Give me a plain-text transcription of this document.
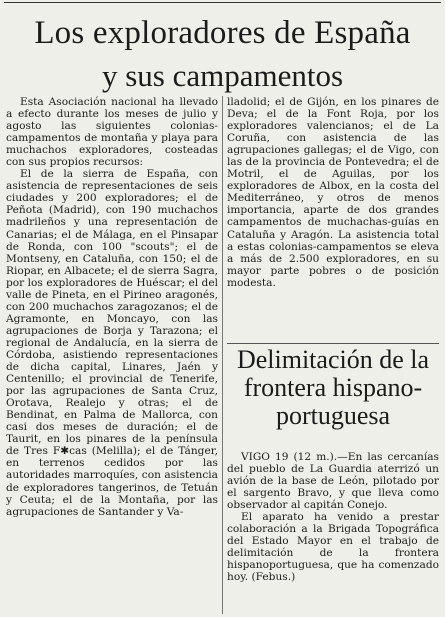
Los exploradores de España
y sus campamentos

Esta Asociación nacional ha llevado a efecto durante los meses de julio y agosto las siguientes colonias-campamentos de montaña y playa para muchachos exploradores, costeadas con sus propios recursos:

El de la sierra de España, con asistencia de representaciones de seis ciudades y 200 exploradores; el de Peñota (Madrid), con 190 muchachos madrileños y una representación de Canarias; el de Málaga, en el Pinsapar de Ronda, con 100 "scouts"; el de Montseny, en Cataluña, con 150; el de Riopar, en Albacete; el de sierra Sagra, por los exploradores de Huéscar; el del valle de Pineta, en el Pirineo aragonés, con 200 muchachos zaragozanos; el de Agramonte, en Moncayo, con las agrupaciones de Borja y Tarazona; el regional de Andalucía, en la sierra de Córdoba, asistiendo representaciones de dicha capital, Linares, Jaén y Centenillo; el provincial de Tenerife, por las agrupaciones de Santa Cruz, Orotava, Realejo y otras; el de Bendinat, en Palma de Mallorca, con casi dos meses de duración; el de Taurit, en los pinares de la península de Tres F✱cas (Melilla); el de Tánger, en terrenos cedidos por las autoridades marroquíes, con asistencia de exploradores tangerinos, de Tetuán y Ceuta; el de la Montaña, por las agrupaciones de Santander y Va-

lladolid; el de Gijón, en los pinares de Deva; el de la Font Roja, por los exploradores valencianos; el de La Coruña, con asistencia de las agrupaciones gallegas; el de Vigo, con las de la provincia de Pontevedra; el de Motril, el de Aguilas, por los exploradores de Albox, en la costa del Mediterráneo, y otros de menos importancia, aparte de dos grandes campamentos de muchachas-guías en Cataluña y Aragón. La asistencia total a estas colonias-campamentos se eleva a más de 2.500 exploradores, en su mayor parte pobres o de posición modesta.

Delimitación de la
frontera hispano-
portuguesa

VIGO 19 (12 m.).—En las cercanías del pueblo de La Guardia aterrizó un avión de la base de León, pilotado por el sargento Bravo, y que lleva como observador al capitán Conejo.

El aparato ha venido a prestar colaboración a la Brigada Topográfica del Estado Mayor en el trabajo de delimitación de la frontera hispanoportuguesa, que ha comenzado hoy. (Febus.)
